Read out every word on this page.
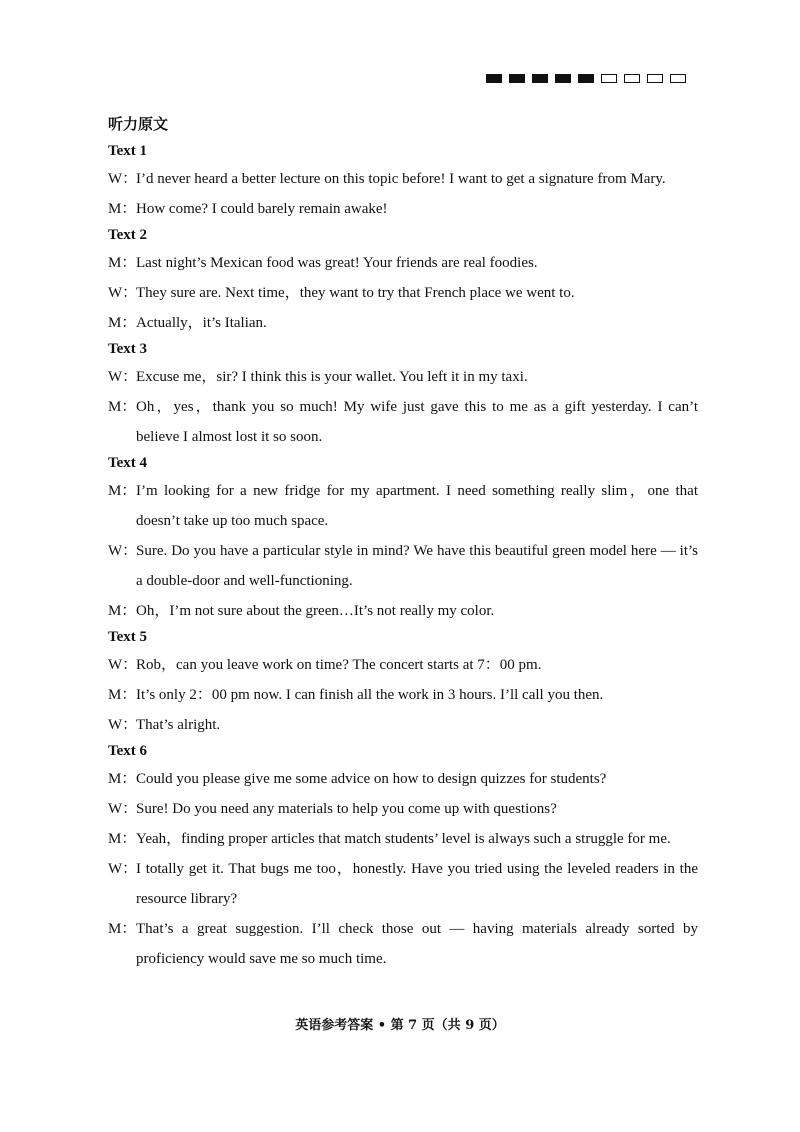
听力原文
Text 1
W：
I’d never heard a better lecture on this topic before! I want to get a signature from Mary.
M： How come? I could barely remain awake!
Text 2
M： Last night’s Mexican food was great! Your friends are real foodies.
W：
They sure are. Next time，they want to try that French place we went to.
M： Actually，it’s Italian.
Text 3
W：
Excuse me，sir? I think this is your wallet. You left it in my taxi.
M： Oh，yes，thank you so much! My wife just gave this to me as a gift yesterday. I can’t believe I almost lost it so soon.
Text 4
M： I’m looking for a new fridge for my apartment. I need something really slim，one that doesn’t take up too much space.
W：
Sure. Do you have a particular style in mind? We have this beautiful green model here — it’s a double-door and well-functioning.
M： Oh，I’m not sure about the green…It’s not really my color.
Text 5
W：
Rob，can you leave work on time? The concert starts at 7：00 pm.
M： It’s only 2：00 pm now. I can finish all the work in 3 hours. I’ll call you then.
W：
That’s alright.
Text 6
M： Could you please give me some advice on how to design quizzes for students?
W：
Sure! Do you need any materials to help you come up with questions?
M： Yeah，finding proper articles that match students’ level is always such a struggle for me.
W：
I totally get it. That bugs me too，honestly. Have you tried using the leveled readers in the resource library?
M： That’s a great suggestion. I’ll check those out — having materials already sorted by proficiency would save me so much time.
英语参考答案 • 第 7 页（共 9 页）
